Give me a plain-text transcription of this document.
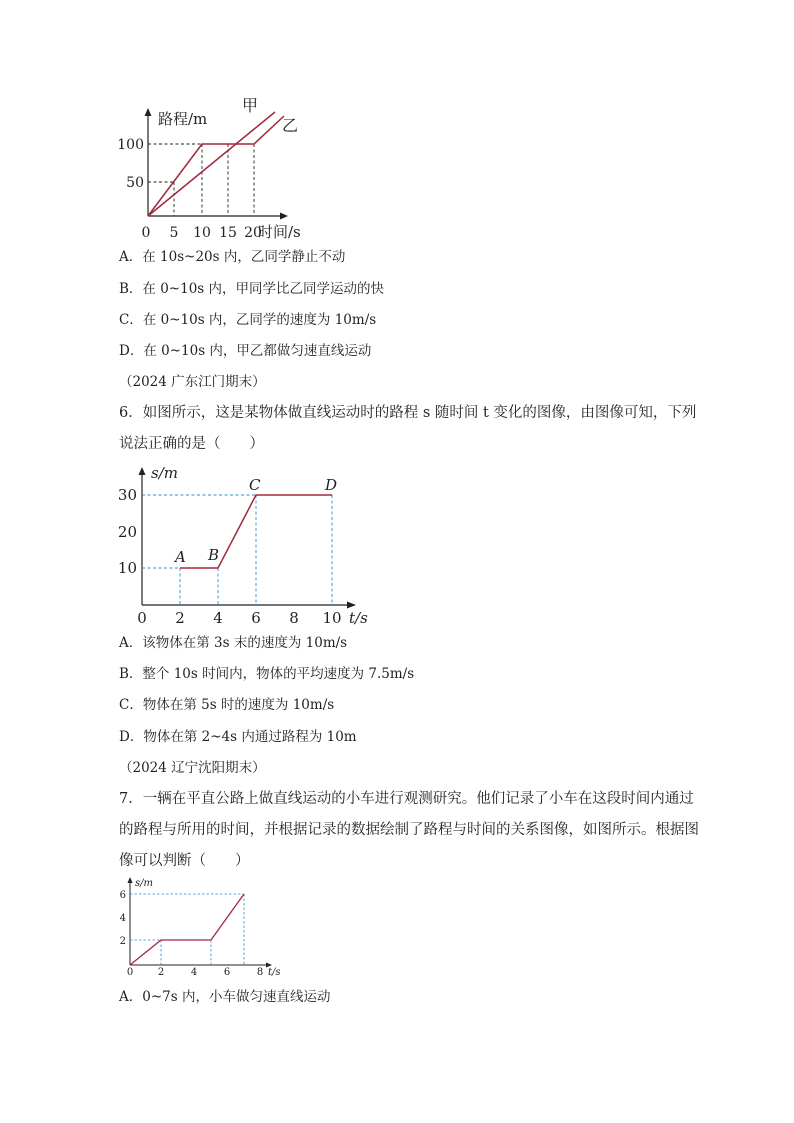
路程/m
时间/s
甲
乙
100
50
0 5 10 15 20
A．在 10s~20s 内，乙同学静止不动
B．在 0~10s 内，甲同学比乙同学运动的快
C．在 0~10s 内，乙同学的速度为 10m/s
D．在 0~10s 内，甲乙都做匀速直线运动
（2024 广东江门期末）
6．如图所示，这是某物体做直线运动时的路程 s 随时间 t 变化的图像，由图像可知，下列
说法正确的是（　　）
s/m
t/s
A B
C	D
30
20
10
0 2 4 6 8 10
A．该物体在第 3s 末的速度为 10m/s
B．整个 10s 时间内，物体的平均速度为 7.5m/s
C．物体在第 5s 时的速度为 10m/s
D．物体在第 2~4s 内通过路程为 10m
（2024 辽宁沈阳期末）
7．一辆在平直公路上做直线运动的小车进行观测研究。他们记录了小车在这段时间内通过
的路程与所用的时间，并根据记录的数据绘制了路程与时间的关系图像，如图所示。根据图
像可以判断（　　）
s/m
t/s
6
4
2
0 2	4	6	8
A．0~7s 内，小车做匀速直线运动
